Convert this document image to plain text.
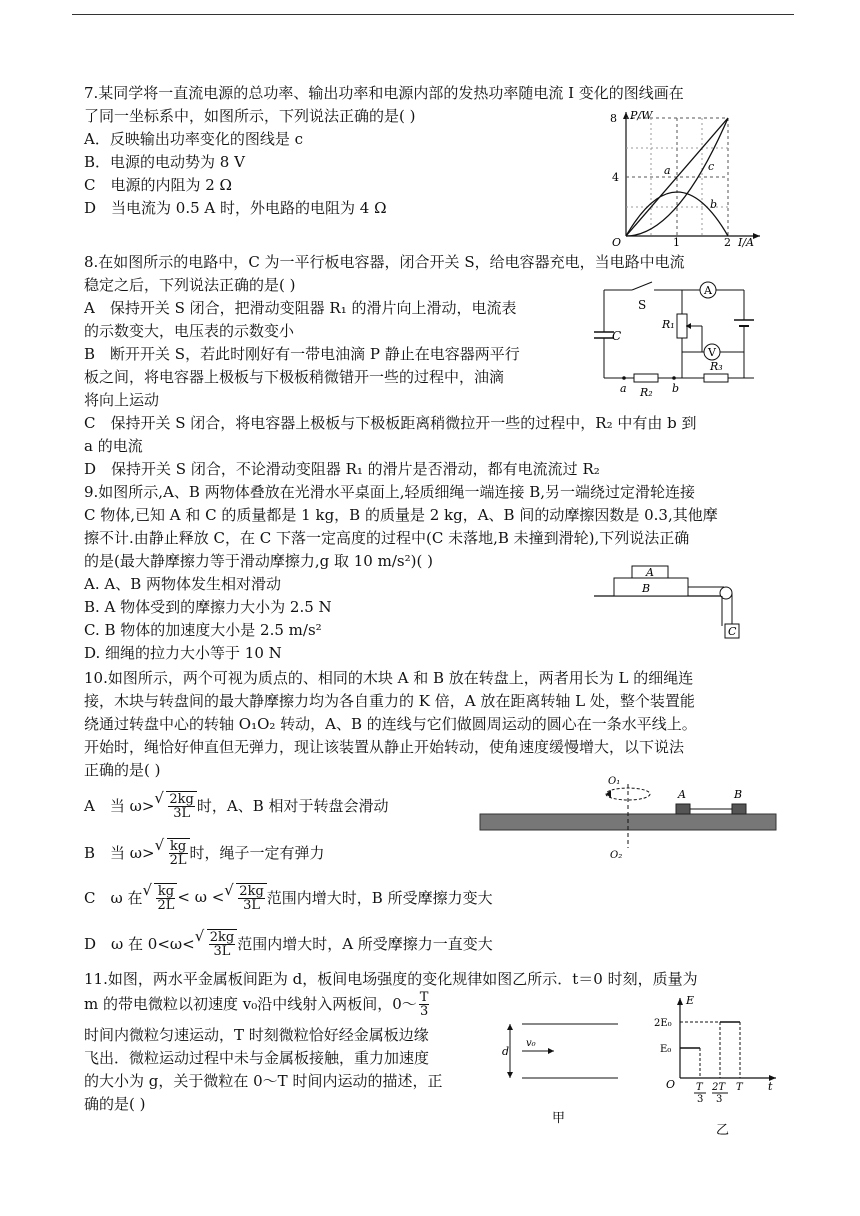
7.某同学将一直流电源的总功率、输出功率和电源内部的发热功率随电流 I 变化的图线画在
了同一坐标系中，如图所示，下列说法正确的是( )
A．反映输出功率变化的图线是 c
B．电源的电动势为 8 V
C　电源的内阻为 2 Ω
D　当电流为 0.5 A 时，外电路的电阻为 4 Ω
P/W
8
4
O	1	2 I/A
a	c
b
8.在如图所示的电路中，C 为一平行板电容器，闭合开关 S，给电容器充电，当电路中电流
稳定之后，下列说法正确的是( )
A　保持开关 S 闭合，把滑动变阻器 R₁ 的滑片向上滑动，电流表
的示数变大，电压表的示数变小
B　断开开关 S，若此时刚好有一带电油滴 P 静止在电容器两平行
板之间，将电容器上极板与下极板稍微错开一些的过程中，油滴
将向上运动
C　保持开关 S 闭合，将电容器上极板与下极板距离稍微拉开一些的过程中，R₂ 中有由 b 到
a 的电流
D　保持开关 S 闭合，不论滑动变阻器 R₁ 的滑片是否滑动，都有电流流过 R₂
A
V
S
C
R₁
R₂
R₃
a	b
9.如图所示,A、B 两物体叠放在光滑水平桌面上,轻质细绳一端连接 B,另一端绕过定滑轮连接
C 物体,已知 A 和 C 的质量都是 1 kg，B 的质量是 2 kg，A、B 间的动摩擦因数是 0.3,其他摩
擦不计.由静止释放 C，在 C 下落一定高度的过程中(C 未落地,B 未撞到滑轮),下列说法正确
的是(最大静摩擦力等于滑动摩擦力,g 取 10 m/s²)( )
A. A、B 两物体发生相对滑动
B. A 物体受到的摩擦力大小为 2.5 N
C. B 物体的加速度大小是 2.5 m/s²
D. 细绳的拉力大小等于 10 N
A
B
C
10.如图所示，两个可视为质点的、相同的木块 A 和 B 放在转盘上，两者用长为 L 的细绳连
接，木块与转盘间的最大静摩擦力均为各自重力的 K 倍，A 放在距离转轴 L 处，整个装置能
绕通过转盘中心的转轴 O₁O₂ 转动，A、B 的连线与它们做圆周运动的圆心在一条水平线上。
开始时，绳恰好伸直但无弹力，现让该装置从静止开始转动，使角速度缓慢增大，以下说法
正确的是( )
A　当 ω> √ $\frac{2kg}{3L}$ 时，A、B 相对于转盘会滑动
B　当 ω> √ $\frac{kg}{2L}$ 时，绳子一定有弹力
C　ω 在 √ $\frac{kg}{2L} < \omega$ < √ $\frac{2kg}{3L}$ 范围内增大时，B 所受摩擦力变大
D　ω 在 0<ω< √ $\frac{2kg}{3L}$ 范围内增大时，A 所受摩擦力一直变大
O₁
O₂
A	B
11.如图，两水平金属板间距为 d，板间电场强度的变化规律如图乙所示．t＝0 时刻，质量为
m 的带电微粒以初速度 v₀沿中线射入两板间，0～ $\frac{T}{3}$
时间内微粒匀速运动，T 时刻微粒恰好经金属板边缘
飞出．微粒运动过程中未与金属板接触，重力加速度
的大小为 g，关于微粒在 0～T 时间内运动的描述，正
确的是( )
d
v₀
甲
E
2E₀
E₀
O T
3
2T
3
T t
乙
